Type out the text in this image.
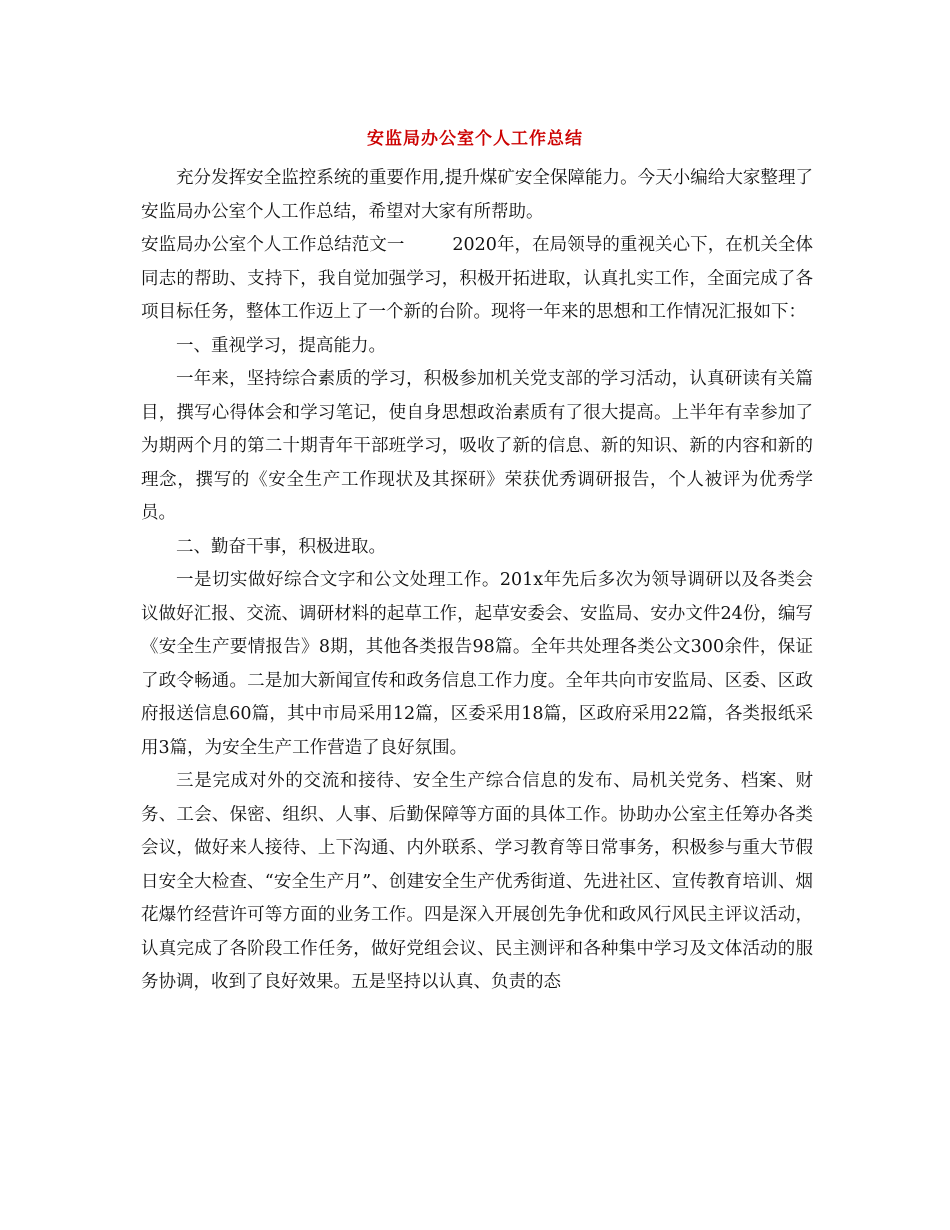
安监局办公室个人工作总结

充分发挥安全监控系统的重要作用,提升煤矿安全保障能力。今天小编给大家整理了安监局办公室个人工作总结，希望对大家有所帮助。

安监局办公室个人工作总结范文一	2020年，在局领导的重视关心下，在机关全体同志的帮助、支持下，我自觉加强学习，积极开拓进取，认真扎实工作，全面完成了各项目标任务，整体工作迈上了一个新的台阶。现将一年来的思想和工作情况汇报如下：

一、重视学习，提高能力。

一年来，坚持综合素质的学习，积极参加机关党支部的学习活动，认真研读有关篇目，撰写心得体会和学习笔记，使自身思想政治素质有了很大提高。上半年有幸参加了为期两个月的第二十期青年干部班学习，吸收了新的信息、新的知识、新的内容和新的理念，撰写的《安全生产工作现状及其探研》荣获优秀调研报告，个人被评为优秀学员。

二、勤奋干事，积极进取。

一是切实做好综合文字和公文处理工作。201x年先后多次为领导调研以及各类会议做好汇报、交流、调研材料的起草工作，起草安委会、安监局、安办文件24份，编写《安全生产要情报告》8期，其他各类报告98篇。全年共处理各类公文300余件，保证了政令畅通。二是加大新闻宣传和政务信息工作力度。全年共向市安监局、区委、区政府报送信息60篇，其中市局采用12篇，区委采用18篇，区政府采用22篇，各类报纸采用3篇，为安全生产工作营造了良好氛围。

三是完成对外的交流和接待、安全生产综合信息的发布、局机关党务、档案、财务、工会、保密、组织、人事、后勤保障等方面的具体工作。协助办公室主任筹办各类会议，做好来人接待、上下沟通、内外联系、学习教育等日常事务，积极参与重大节假日安全大检查、“安全生产月”、创建安全生产优秀街道、先进社区、宣传教育培训、烟花爆竹经营许可等方面的业务工作。四是深入开展创先争优和政风行风民主评议活动，认真完成了各阶段工作任务，做好党组会议、民主测评和各种集中学习及文体活动的服务协调，收到了良好效果。五是坚持以认真、负责的态
